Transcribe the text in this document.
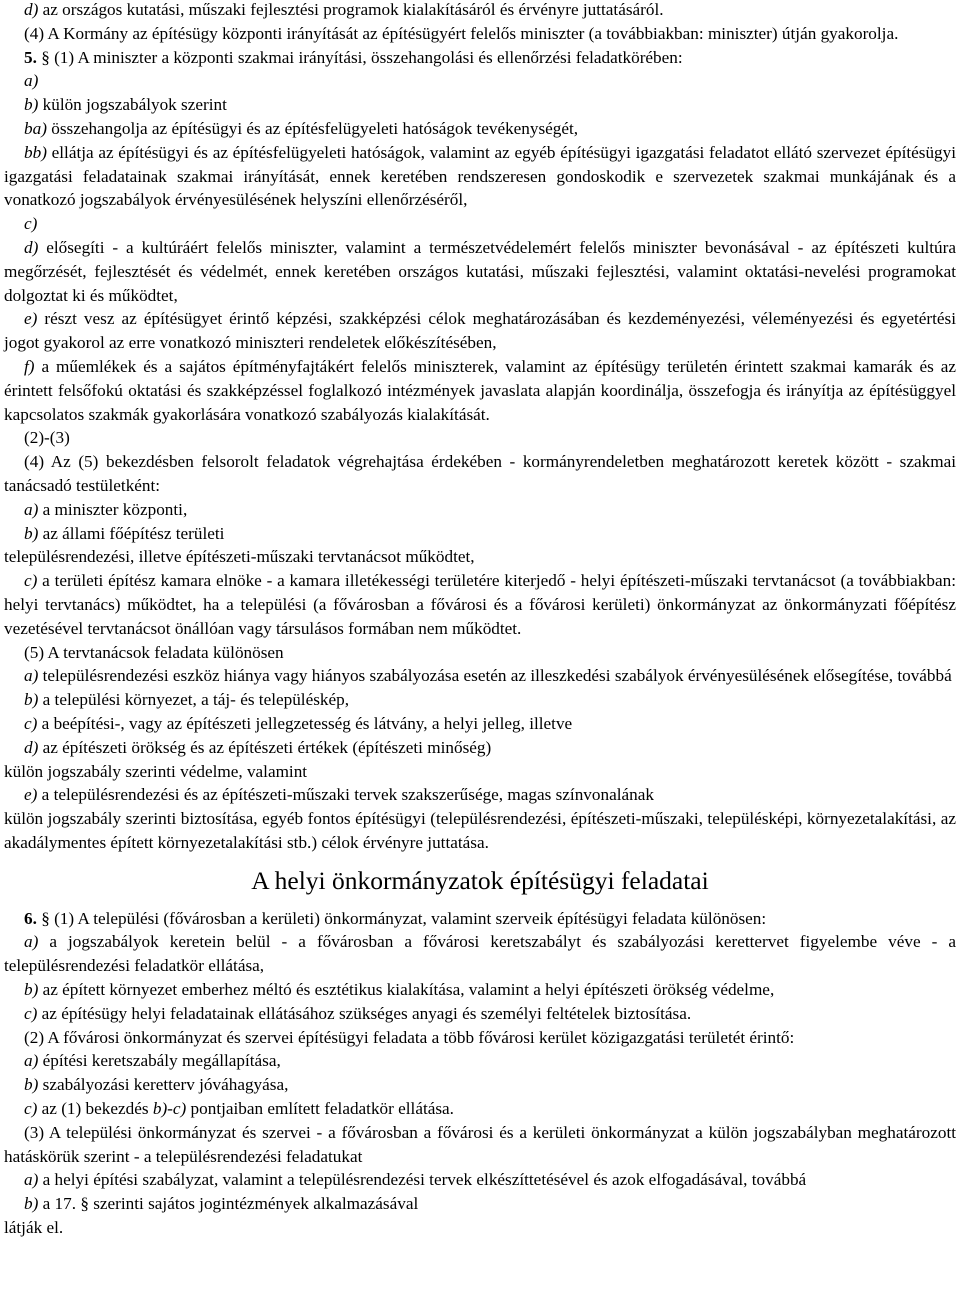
d) az országos kutatási, műszaki fejlesztési programok kialakításáról és érvényre juttatásáról.

(4) A Kormány az építésügy központi irányítását az építésügyért felelős miniszter (a továbbiakban: miniszter) útján gyakorolja.

5. § (1) A miniszter a központi szakmai irányítási, összehangolási és ellenőrzési feladatkörében:

a)

b) külön jogszabályok szerint

ba) összehangolja az építésügyi és az építésfelügyeleti hatóságok tevékenységét,

bb) ellátja az építésügyi és az építésfelügyeleti hatóságok, valamint az egyéb építésügyi igazgatási feladatot ellátó szervezet építésügyi igazgatási feladatainak szakmai irányítását, ennek keretében rendszeresen gondoskodik e szervezetek szakmai munkájának és a vonatkozó jogszabályok érvényesülésének helyszíni ellenőrzéséről,

c)

d) elősegíti - a kultúráért felelős miniszter, valamint a természetvédelemért felelős miniszter bevonásával - az építészeti kultúra megőrzését, fejlesztését és védelmét, ennek keretében országos kutatási, műszaki fejlesztési, valamint oktatási-nevelési programokat dolgoztat ki és működtet,

e) részt vesz az építésügyet érintő képzési, szakképzési célok meghatározásában és kezdeményezési, véleményezési és egyetértési jogot gyakorol az erre vonatkozó miniszteri rendeletek előkészítésében,

f) a műemlékek és a sajátos építményfajtákért felelős miniszterek, valamint az építésügy területén érintett szakmai kamarák és az érintett felsőfokú oktatási és szakképzéssel foglalkozó intézmények javaslata alapján koordinálja, összefogja és irányítja az építésüggyel kapcsolatos szakmák gyakorlására vonatkozó szabályozás kialakítását.

(2)-(3)

(4) Az (5) bekezdésben felsorolt feladatok végrehajtása érdekében - kormányrendeletben meghatározott keretek között - szakmai tanácsadó testületként:

a) a miniszter központi,

b) az állami főépítész területi

településrendezési, illetve építészeti-műszaki tervtanácsot működtet,

c) a területi építész kamara elnöke - a kamara illetékességi területére kiterjedő - helyi építészeti-műszaki tervtanácsot (a továbbiakban: helyi tervtanács) működtet, ha a települési (a fővárosban a fővárosi és a fővárosi kerületi) önkormányzat az önkormányzati főépítész vezetésével tervtanácsot önállóan vagy társulásos formában nem működtet.

(5) A tervtanácsok feladata különösen

a) településrendezési eszköz hiánya vagy hiányos szabályozása esetén az illeszkedési szabályok érvényesülésének elősegítése, továbbá

b) a települési környezet, a táj- és településkép,

c) a beépítési-, vagy az építészeti jellegzetesség és látvány, a helyi jelleg, illetve

d) az építészeti örökség és az építészeti értékek (építészeti minőség)

külön jogszabály szerinti védelme, valamint

e) a településrendezési és az építészeti-műszaki tervek szakszerűsége, magas színvonalának

külön jogszabály szerinti biztosítása, egyéb fontos építésügyi (településrendezési, építészeti-műszaki, településképi, környezetalakítási, az akadálymentes épített környezetalakítási stb.) célok érvényre juttatása.

A helyi önkormányzatok építésügyi feladatai

6. § (1) A települési (fővárosban a kerületi) önkormányzat, valamint szerveik építésügyi feladata különösen:

a) a jogszabályok keretein belül - a fővárosban a fővárosi keretszabályt és szabályozási kerettervet figyelembe véve - a településrendezési feladatkör ellátása,

b) az épített környezet emberhez méltó és esztétikus kialakítása, valamint a helyi építészeti örökség védelme,

c) az építésügy helyi feladatainak ellátásához szükséges anyagi és személyi feltételek biztosítása.

(2) A fővárosi önkormányzat és szervei építésügyi feladata a több fővárosi kerület közigazgatási területét érintő:

a) építési keretszabály megállapítása,

b) szabályozási keretterv jóváhagyása,

c) az (1) bekezdés b)-c) pontjaiban említett feladatkör ellátása.

(3) A települési önkormányzat és szervei - a fővárosban a fővárosi és a kerületi önkormányzat a külön jogszabályban meghatározott hatáskörük szerint - a településrendezési feladatukat

a) a helyi építési szabályzat, valamint a településrendezési tervek elkészíttetésével és azok elfogadásával, továbbá

b) a 17. § szerinti sajátos jogintézmények alkalmazásával

látják el.
